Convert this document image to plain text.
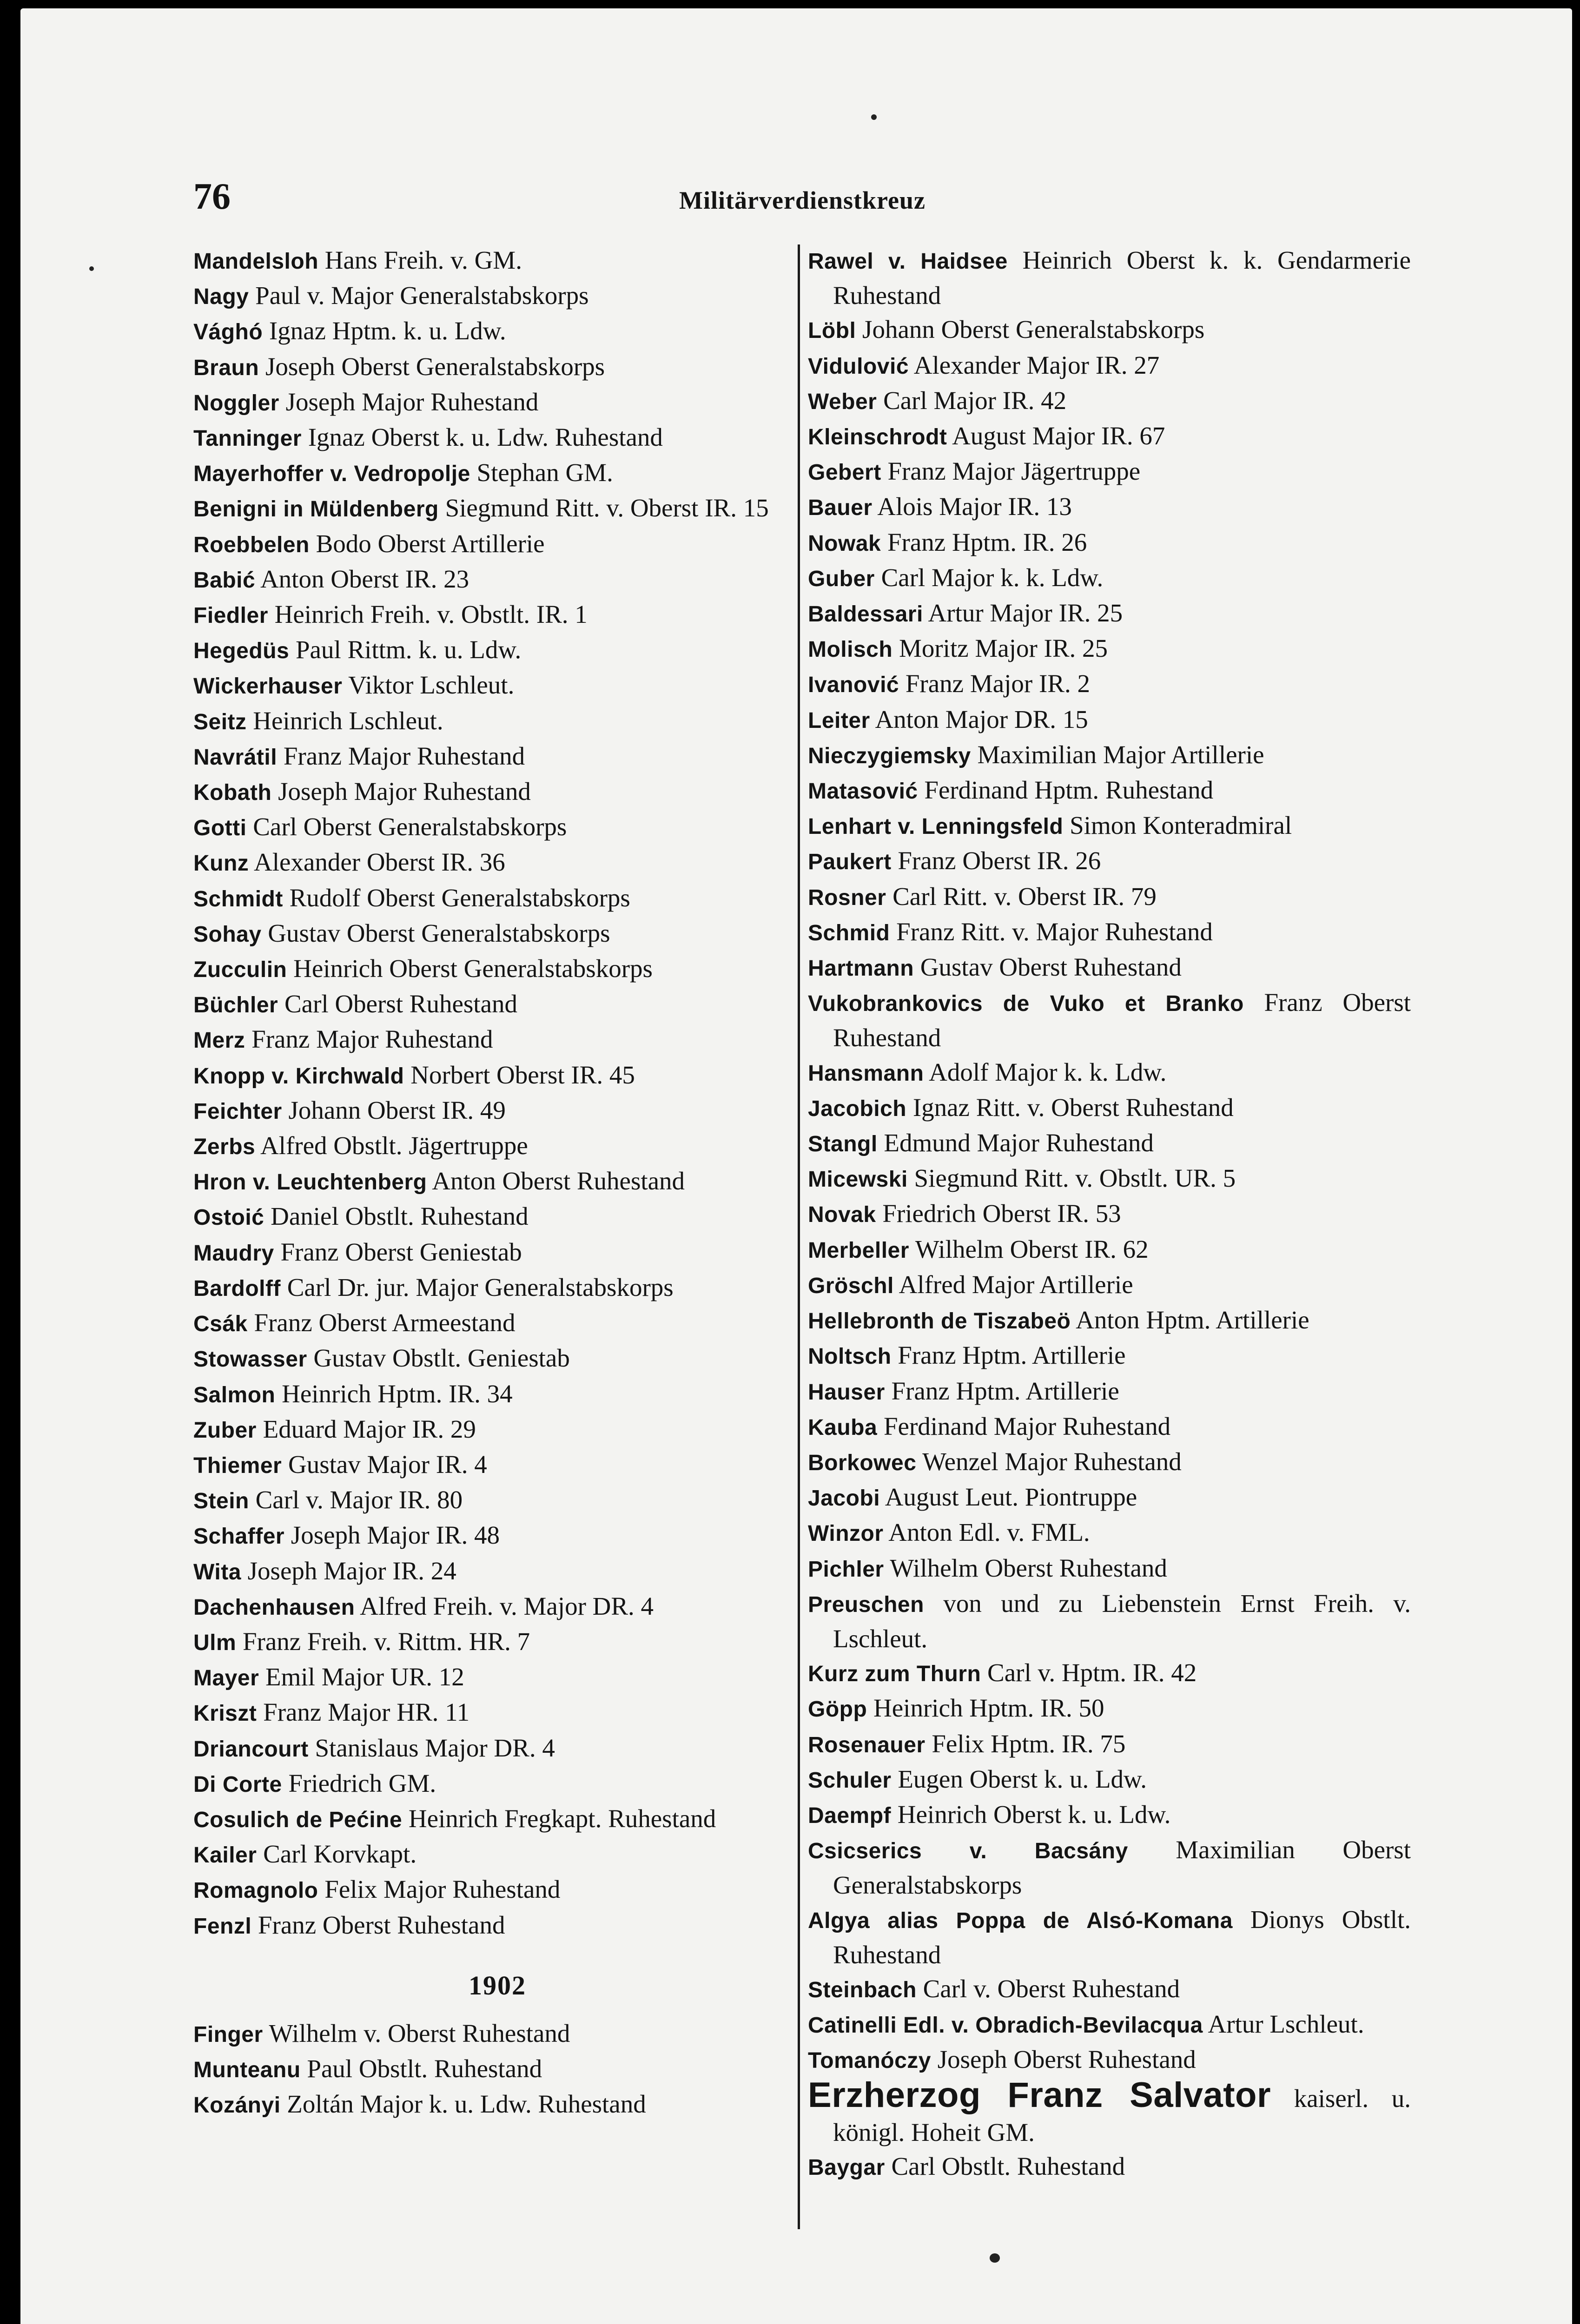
76	Militärverdienstkreuz
Mandelsloh Hans Freih. v. GM.
Nagy Paul v. Major Generalstabskorps
Vághó Ignaz Hptm. k. u. Ldw.
Braun Joseph Oberst Generalstabskorps
Noggler Joseph Major Ruhestand
Tanninger Ignaz Oberst k. u. Ldw. Ruhestand
Mayerhoffer v. Vedropolje Stephan GM.
Benigni in Müldenberg Siegmund Ritt. v. Oberst IR. 15
Roebbelen Bodo Oberst Artillerie
Babić Anton Oberst IR. 23
Fiedler Heinrich Freih. v. Obstlt. IR. 1
Hegedüs Paul Rittm. k. u. Ldw.
Wickerhauser Viktor Lschleut.
Seitz Heinrich Lschleut.
Navrátil Franz Major Ruhestand
Kobath Joseph Major Ruhestand
Gotti Carl Oberst Generalstabskorps
Kunz Alexander Oberst IR. 36
Schmidt Rudolf Oberst Generalstabskorps
Sohay Gustav Oberst Generalstabskorps
Zucculin Heinrich Oberst Generalstabskorps
Büchler Carl Oberst Ruhestand
Merz Franz Major Ruhestand
Knopp v. Kirchwald Norbert Oberst IR. 45
Feichter Johann Oberst IR. 49
Zerbs Alfred Obstlt. Jägertruppe
Hron v. Leuchtenberg Anton Oberst Ruhestand
Ostoić Daniel Obstlt. Ruhestand
Maudry Franz Oberst Geniestab
Bardolff Carl Dr. jur. Major Generalstabskorps
Csák Franz Oberst Armeestand
Stowasser Gustav Obstlt. Geniestab
Salmon Heinrich Hptm. IR. 34
Zuber Eduard Major IR. 29
Thiemer Gustav Major IR. 4
Stein Carl v. Major IR. 80
Schaffer Joseph Major IR. 48
Wita Joseph Major IR. 24
Dachenhausen Alfred Freih. v. Major DR. 4
Ulm Franz Freih. v. Rittm. HR. 7
Mayer Emil Major UR. 12
Kriszt Franz Major HR. 11
Driancourt Stanislaus Major DR. 4
Di Corte Friedrich GM.
Cosulich de Pećine Heinrich Fregkapt. Ruhestand
Kailer Carl Korvkapt.
Romagnolo Felix Major Ruhestand
Fenzl Franz Oberst Ruhestand
1902
Finger Wilhelm v. Oberst Ruhestand
Munteanu Paul Obstlt. Ruhestand
Kozányi Zoltán Major k. u. Ldw. Ruhestand
Rawel v. Haidsee Heinrich Oberst k. k. Gendarmerie Ruhestand
Löbl Johann Oberst Generalstabskorps
Vidulović Alexander Major IR. 27
Weber Carl Major IR. 42
Kleinschrodt August Major IR. 67
Gebert Franz Major Jägertruppe
Bauer Alois Major IR. 13
Nowak Franz Hptm. IR. 26
Guber Carl Major k. k. Ldw.
Baldessari Artur Major IR. 25
Molisch Moritz Major IR. 25
Ivanović Franz Major IR. 2
Leiter Anton Major DR. 15
Nieczygiemsky Maximilian Major Artillerie
Matasović Ferdinand Hptm. Ruhestand
Lenhart v. Lenningsfeld Simon Konteradmiral
Paukert Franz Oberst IR. 26
Rosner Carl Ritt. v. Oberst IR. 79
Schmid Franz Ritt. v. Major Ruhestand
Hartmann Gustav Oberst Ruhestand
Vukobrankovics de Vuko et Branko Franz Oberst Ruhestand
Hansmann Adolf Major k. k. Ldw.
Jacobich Ignaz Ritt. v. Oberst Ruhestand
Stangl Edmund Major Ruhestand
Micewski Siegmund Ritt. v. Obstlt. UR. 5
Novak Friedrich Oberst IR. 53
Merbeller Wilhelm Oberst IR. 62
Gröschl Alfred Major Artillerie
Hellebronth de Tiszabeö Anton Hptm. Artillerie
Noltsch Franz Hptm. Artillerie
Hauser Franz Hptm. Artillerie
Kauba Ferdinand Major Ruhestand
Borkowec Wenzel Major Ruhestand
Jacobi August Leut. Piontruppe
Winzor Anton Edl. v. FML.
Pichler Wilhelm Oberst Ruhestand
Preuschen von und zu Liebenstein Ernst Freih. v. Lschleut.
Kurz zum Thurn Carl v. Hptm. IR. 42
Göpp Heinrich Hptm. IR. 50
Rosenauer Felix Hptm. IR. 75
Schuler Eugen Oberst k. u. Ldw.
Daempf Heinrich Oberst k. u. Ldw.
Csicserics v. Bacsány Maximilian Oberst Generalstabskorps
Algya alias Poppa de Alsó-Komana Dionys Obstlt. Ruhestand
Steinbach Carl v. Oberst Ruhestand
Catinelli Edl. v. Obradich-Bevilacqua Artur Lschleut.
Tomanóczy Joseph Oberst Ruhestand
Erzherzog Franz Salvator kaiserl. u. königl. Hoheit GM.
Baygar Carl Obstlt. Ruhestand
